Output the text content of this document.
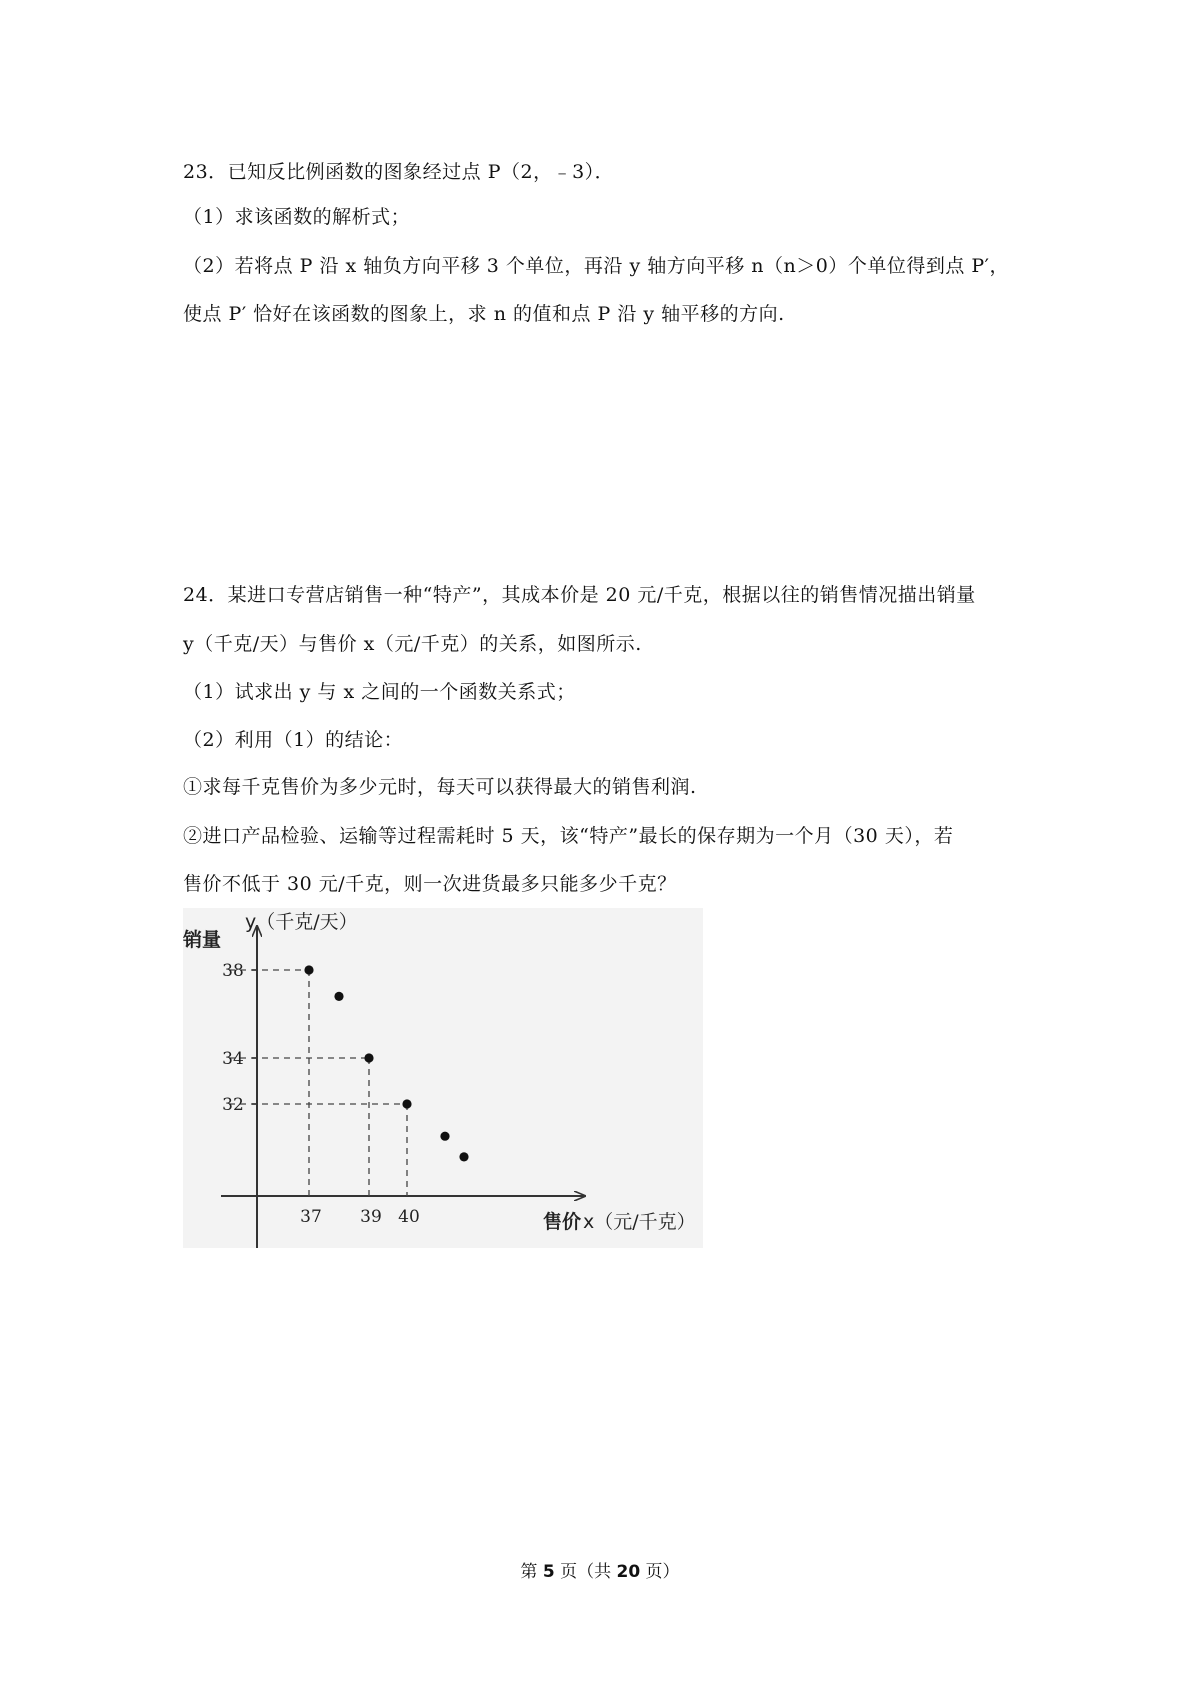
23．已知反比例函数的图象经过点 P（2，﹣3）．
（1）求该函数的解析式；
（2）若将点 P 沿 x 轴负方向平移 3 个单位，再沿 y 轴方向平移 n（n＞0）个单位得到点 P′，
使点 P′ 恰好在该函数的图象上，求 n 的值和点 P 沿 y 轴平移的方向.
24．某进口专营店销售一种“特产”，其成本价是 20 元/千克，根据以往的销售情况描出销量
y（千克/天）与售价 x（元/千克）的关系，如图所示.
（1）试求出 y 与 x 之间的一个函数关系式；
（2）利用（1）的结论：
①求每千克售价为多少元时，每天可以获得最大的销售利润.
②进口产品检验、运输等过程需耗时 5 天，该“特产”最长的保存期为一个月（30 天），若
售价不低于 30 元/千克，则一次进货最多只能多少千克？
销量
y（千克/天）
售价 x（元/千克）
38
34
32
37 39 40
第 5 页（共 20 页）
